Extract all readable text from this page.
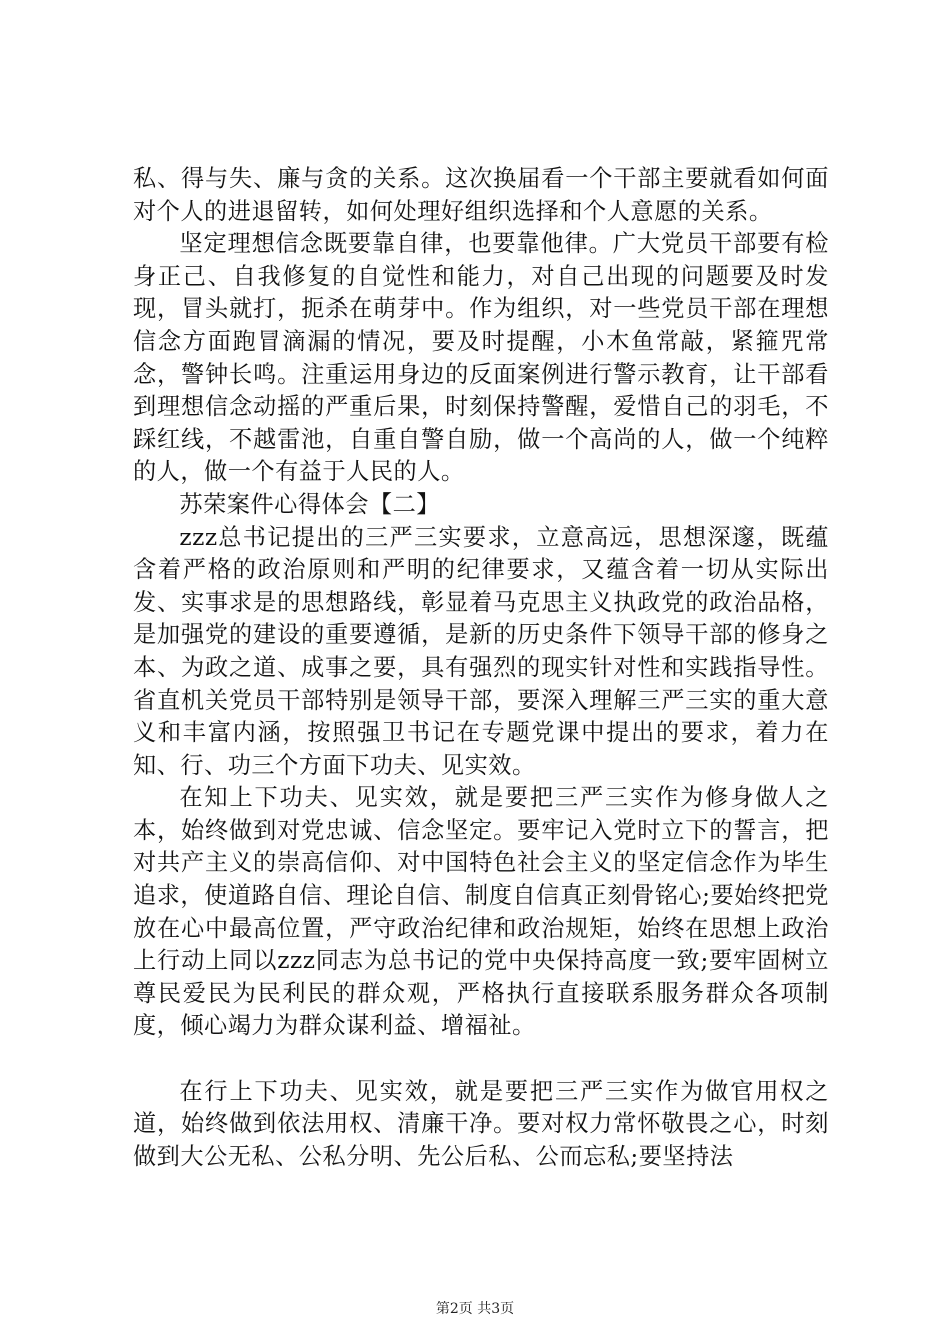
私、得与失、廉与贪的关系。这次换届看一个干部主要就看如何面对个人的进退留转，如何处理好组织选择和个人意愿的关系。

坚定理想信念既要靠自律，也要靠他律。广大党员干部要有检身正己、自我修复的自觉性和能力，对自己出现的问题要及时发现，冒头就打，扼杀在萌芽中。作为组织，对一些党员干部在理想信念方面跑冒滴漏的情况，要及时提醒，小木鱼常敲，紧箍咒常念，警钟长鸣。注重运用身边的反面案例进行警示教育，让干部看到理想信念动摇的严重后果，时刻保持警醒，爱惜自己的羽毛，不踩红线，不越雷池，自重自警自励，做一个高尚的人，做一个纯粹的人，做一个有益于人民的人。

苏荣案件心得体会【二】

zzz总书记提出的三严三实要求，立意高远，思想深邃，既蕴含着严格的政治原则和严明的纪律要求，又蕴含着一切从实际出发、实事求是的思想路线，彰显着马克思主义执政党的政治品格，是加强党的建设的重要遵循，是新的历史条件下领导干部的修身之本、为政之道、成事之要，具有强烈的现实针对性和实践指导性。省直机关党员干部特别是领导干部，要深入理解三严三实的重大意义和丰富内涵，按照强卫书记在专题党课中提出的要求，着力在知、行、功三个方面下功夫、见实效。

在知上下功夫、见实效，就是要把三严三实作为修身做人之本，始终做到对党忠诚、信念坚定。要牢记入党时立下的誓言，把对共产主义的崇高信仰、对中国特色社会主义的坚定信念作为毕生追求，使道路自信、理论自信、制度自信真正刻骨铭心;要始终把党放在心中最高位置，严守政治纪律和政治规矩，始终在思想上政治上行动上同以zzz同志为总书记的党中央保持高度一致;要牢固树立尊民爱民为民利民的群众观，严格执行直接联系服务群众各项制度，倾心竭力为群众谋利益、增福祉。

在行上下功夫、见实效，就是要把三严三实作为做官用权之道，始终做到依法用权、清廉干净。要对权力常怀敬畏之心，时刻做到大公无私、公私分明、先公后私、公而忘私;要坚持法

第2页 共3页
